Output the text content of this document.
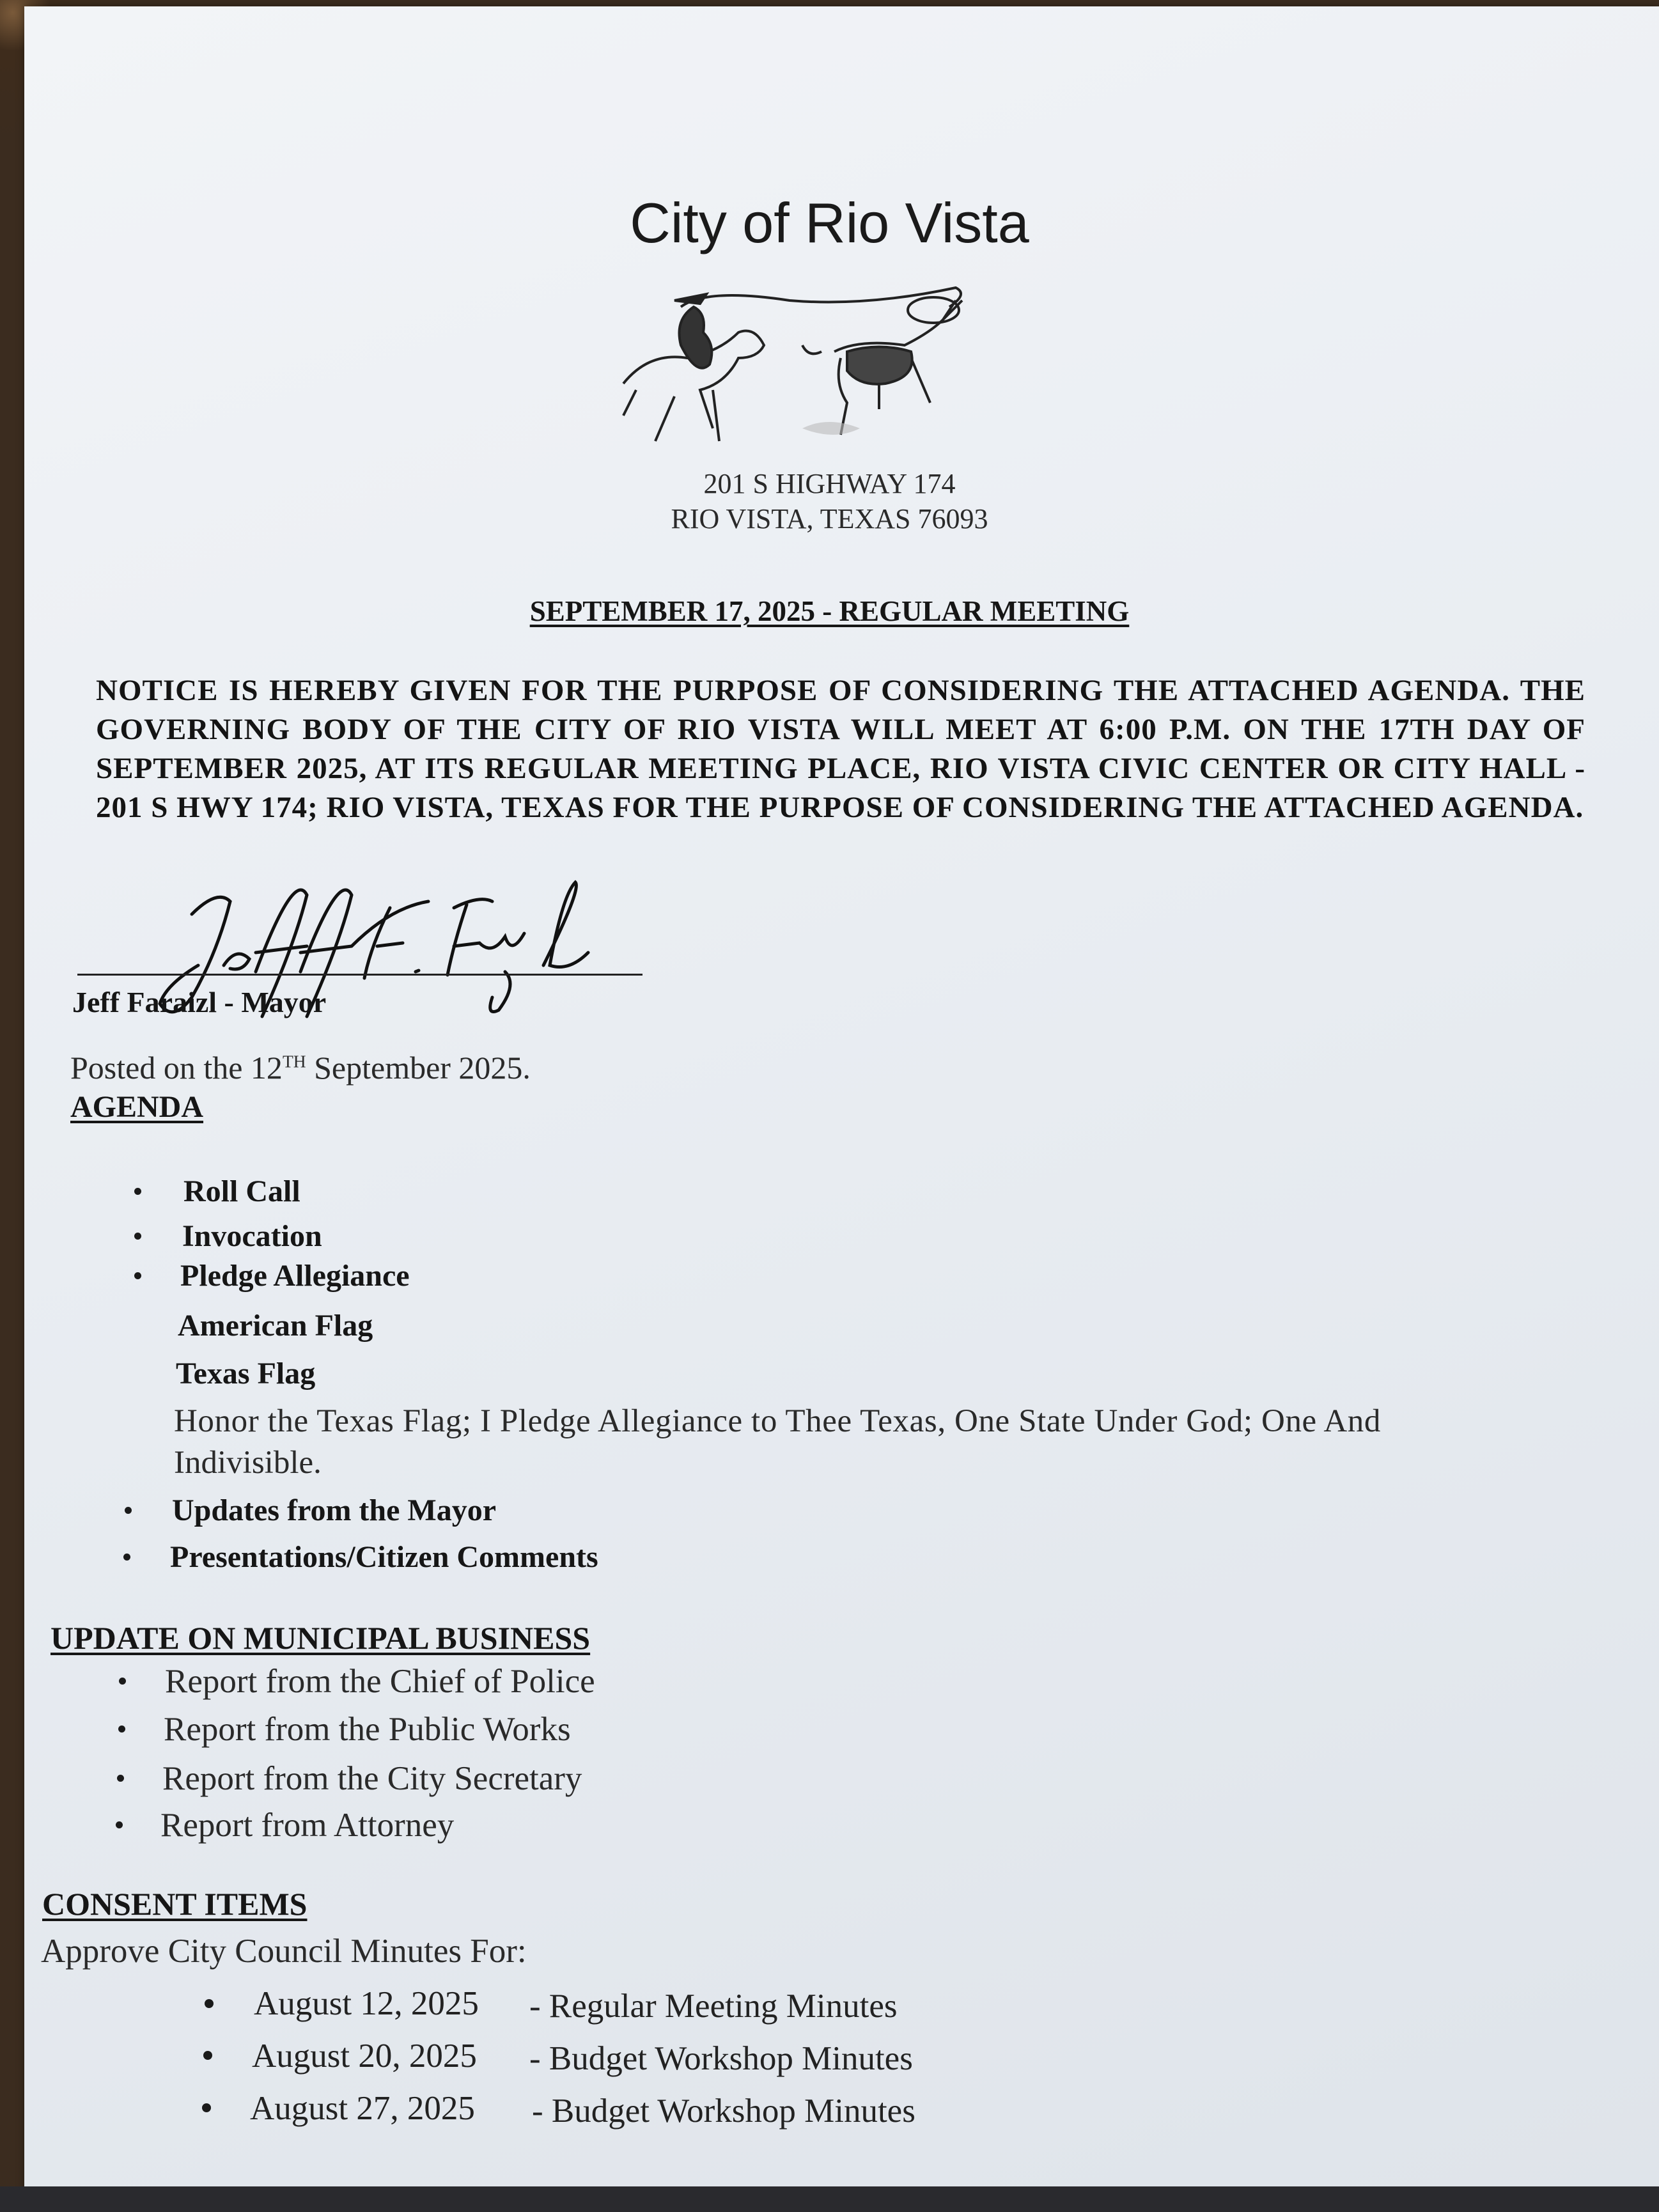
City of Rio Vista
201 S HIGHWAY 174
RIO VISTA, TEXAS 76093
SEPTEMBER 17, 2025 - REGULAR MEETING
NOTICE IS HEREBY GIVEN FOR THE PURPOSE OF CONSIDERING THE ATTACHED AGENDA. THE GOVERNING BODY OF THE CITY OF RIO VISTA WILL MEET AT 6:00 P.M. ON THE 17TH DAY OF SEPTEMBER 2025, AT ITS REGULAR MEETING PLACE, RIO VISTA CIVIC CENTER OR CITY HALL - 201 S HWY 174; RIO VISTA, TEXAS FOR THE PURPOSE OF CONSIDERING THE ATTACHED AGENDA.
Jeff Faraizl - Mayor
Posted on the 12TH September 2025.
AGENDA
Roll Call
Invocation
Pledge Allegiance
American Flag
Texas Flag
Honor the Texas Flag; I Pledge Allegiance to Thee Texas, One State Under God; One And
Indivisible.
Updates from the Mayor
Presentations/Citizen Comments
UPDATE ON MUNICIPAL BUSINESS
Report from the Chief of Police
Report from the Public Works
Report from the City Secretary
Report from Attorney
CONSENT ITEMS
Approve City Council Minutes For:
August 12, 2025 - Regular Meeting Minutes
August 20, 2025 - Budget Workshop Minutes
August 27, 2025 - Budget Workshop Minutes
